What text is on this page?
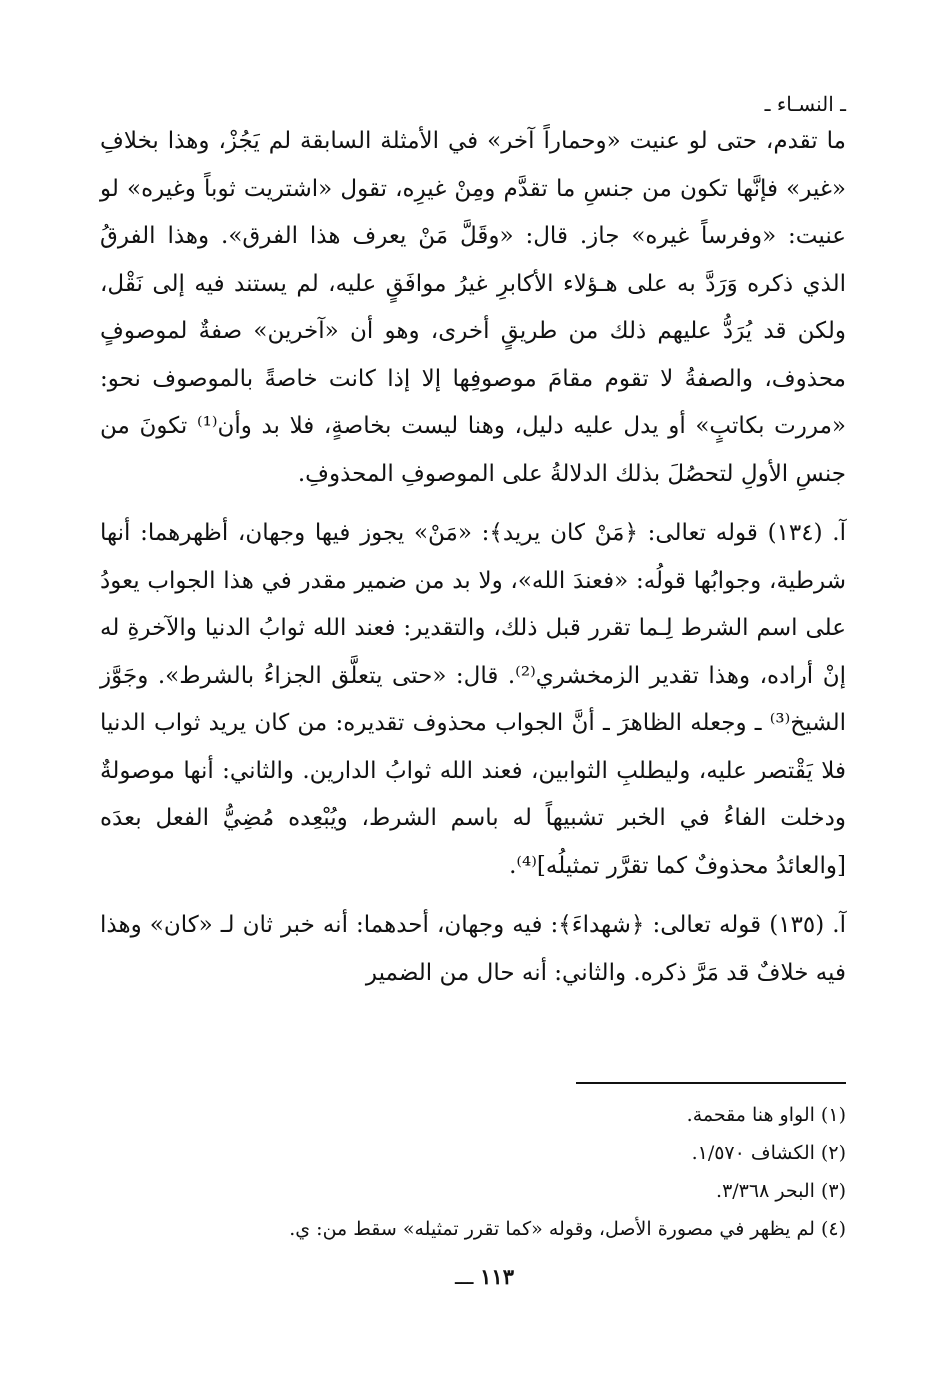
ـ النسـاء ـ

ما تقدم، حتى لو عنيت «وحماراً آخر» في الأمثلة السابقة لم يَجُزْ، وهذا بخلافِ «غير» فإنَّها تكون من جنسِ ما تقدَّم ومِنْ غيرِه، تقول «اشتريت ثوباً وغيره» لو عنيت: «وفرساً غيره» جاز. قال: «وقَلَّ مَنْ يعرف هذا الفرق». وهذا الفرقُ الذي ذكره وَرَدَّ به على هـؤلاء الأكابرِ غيرُ موافَقٍ عليه، لم يستند فيه إلى نَقْل، ولكن قد يُرَدُّ عليهم ذلك من طريقٍ أخرى، وهو أن «آخرين» صفةٌ لموصوفٍ محذوف، والصفةُ لا تقوم مقامَ موصوفِها إلا إذا كانت خاصةً بالموصوف نحو: «مررت بكاتبٍ» أو يدل عليه دليل، وهنا ليست بخاصةٍ، فلا بد وأن⁽¹⁾ تكونَ من جنسِ الأولِ لتحصُلَ بذلك الدلالةُ على الموصوفِ المحذوفِ.

آ. (١٣٤) قوله تعالى: ﴿مَنْ كان يريد﴾: «مَنْ» يجوز فيها وجهان، أظهرهما: أنها شرطية، وجوابُها قولُه: «فعندَ الله»، ولا بد من ضمير مقدر في هذا الجواب يعودُ على اسم الشرط لِـما تقرر قبل ذلك، والتقدير: فعند الله ثوابُ الدنيا والآخرةِ له إنْ أراده، وهذا تقدير الزمخشري⁽²⁾. قال: «حتى يتعلَّق الجزاءُ بالشرط». وجَوَّز الشيخ⁽³⁾ ـ وجعله الظاهرَ ـ أنَّ الجواب محذوف تقديره: من كان يريد ثواب الدنيا فلا يَقْتصر عليه، وليطلبِ الثوابين، فعند الله ثوابُ الدارين. والثاني: أنها موصولةٌ ودخلت الفاءُ في الخبر تشبيهاً له باسم الشرط، ويُبْعِده مُضِيُّ الفعل بعدَه [والعائدُ محذوفٌ كما تقرَّر تمثيلُه]⁽⁴⁾.

آ. (١٣٥) قوله تعالى: ﴿شهداءَ﴾: فيه وجهان، أحدهما: أنه خبر ثان لـ «كان» وهذا فيه خلافٌ قد مَرَّ ذكره. والثاني: أنه حال من الضمير

(١) الواو هنا مقحمة.

(٢) الكشاف ١/٥٧٠.

(٣) البحر ٣/٣٦٨.

(٤) لم يظهر في مصورة الأصل، وقوله «كما تقرر تمثيله» سقط من: ي.

١١٣ ـــ
